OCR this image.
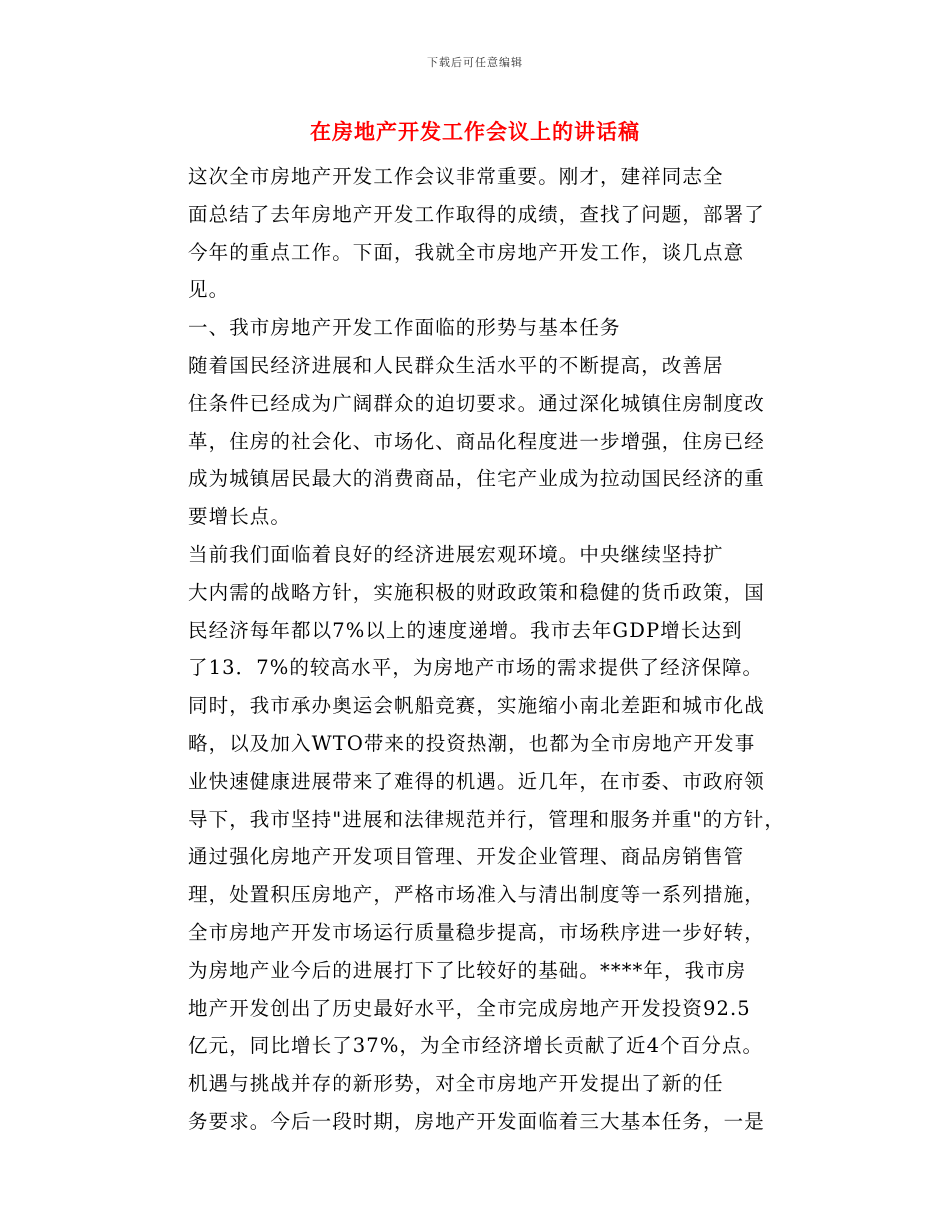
下载后可任意编辑
在房地产开发工作会议上的讲话稿
这次全市房地产开发工作会议非常重要。刚才，建祥同志全
面总结了去年房地产开发工作取得的成绩，查找了问题，部署了
今年的重点工作。下面，我就全市房地产开发工作，谈几点意
见。
一、我市房地产开发工作面临的形势与基本任务
随着国民经济进展和人民群众生活水平的不断提高，改善居
住条件已经成为广阔群众的迫切要求。通过深化城镇住房制度改
革，住房的社会化、市场化、商品化程度进一步增强，住房已经
成为城镇居民最大的消费商品，住宅产业成为拉动国民经济的重
要增长点。
当前我们面临着良好的经济进展宏观环境。中央继续坚持扩
大内需的战略方针，实施积极的财政政策和稳健的货币政策，国
民经济每年都以7%以上的速度递增。我市去年GDP增长达到
了13．7%的较高水平，为房地产市场的需求提供了经济保障。
同时，我市承办奥运会帆船竞赛，实施缩小南北差距和城市化战
略，以及加入WTO带来的投资热潮，也都为全市房地产开发事
业快速健康进展带来了难得的机遇。近几年，在市委、市政府领
导下，我市坚持"进展和法律规范并行，管理和服务并重"的方针，
通过强化房地产开发项目管理、开发企业管理、商品房销售管
理，处置积压房地产，严格市场准入与清出制度等一系列措施，
全市房地产开发市场运行质量稳步提高，市场秩序进一步好转，
为房地产业今后的进展打下了比较好的基础。****年，我市房
地产开发创出了历史最好水平，全市完成房地产开发投资92.5
亿元，同比增长了37%，为全市经济增长贡献了近4个百分点。
机遇与挑战并存的新形势，对全市房地产开发提出了新的任
务要求。今后一段时期，房地产开发面临着三大基本任务，一是
